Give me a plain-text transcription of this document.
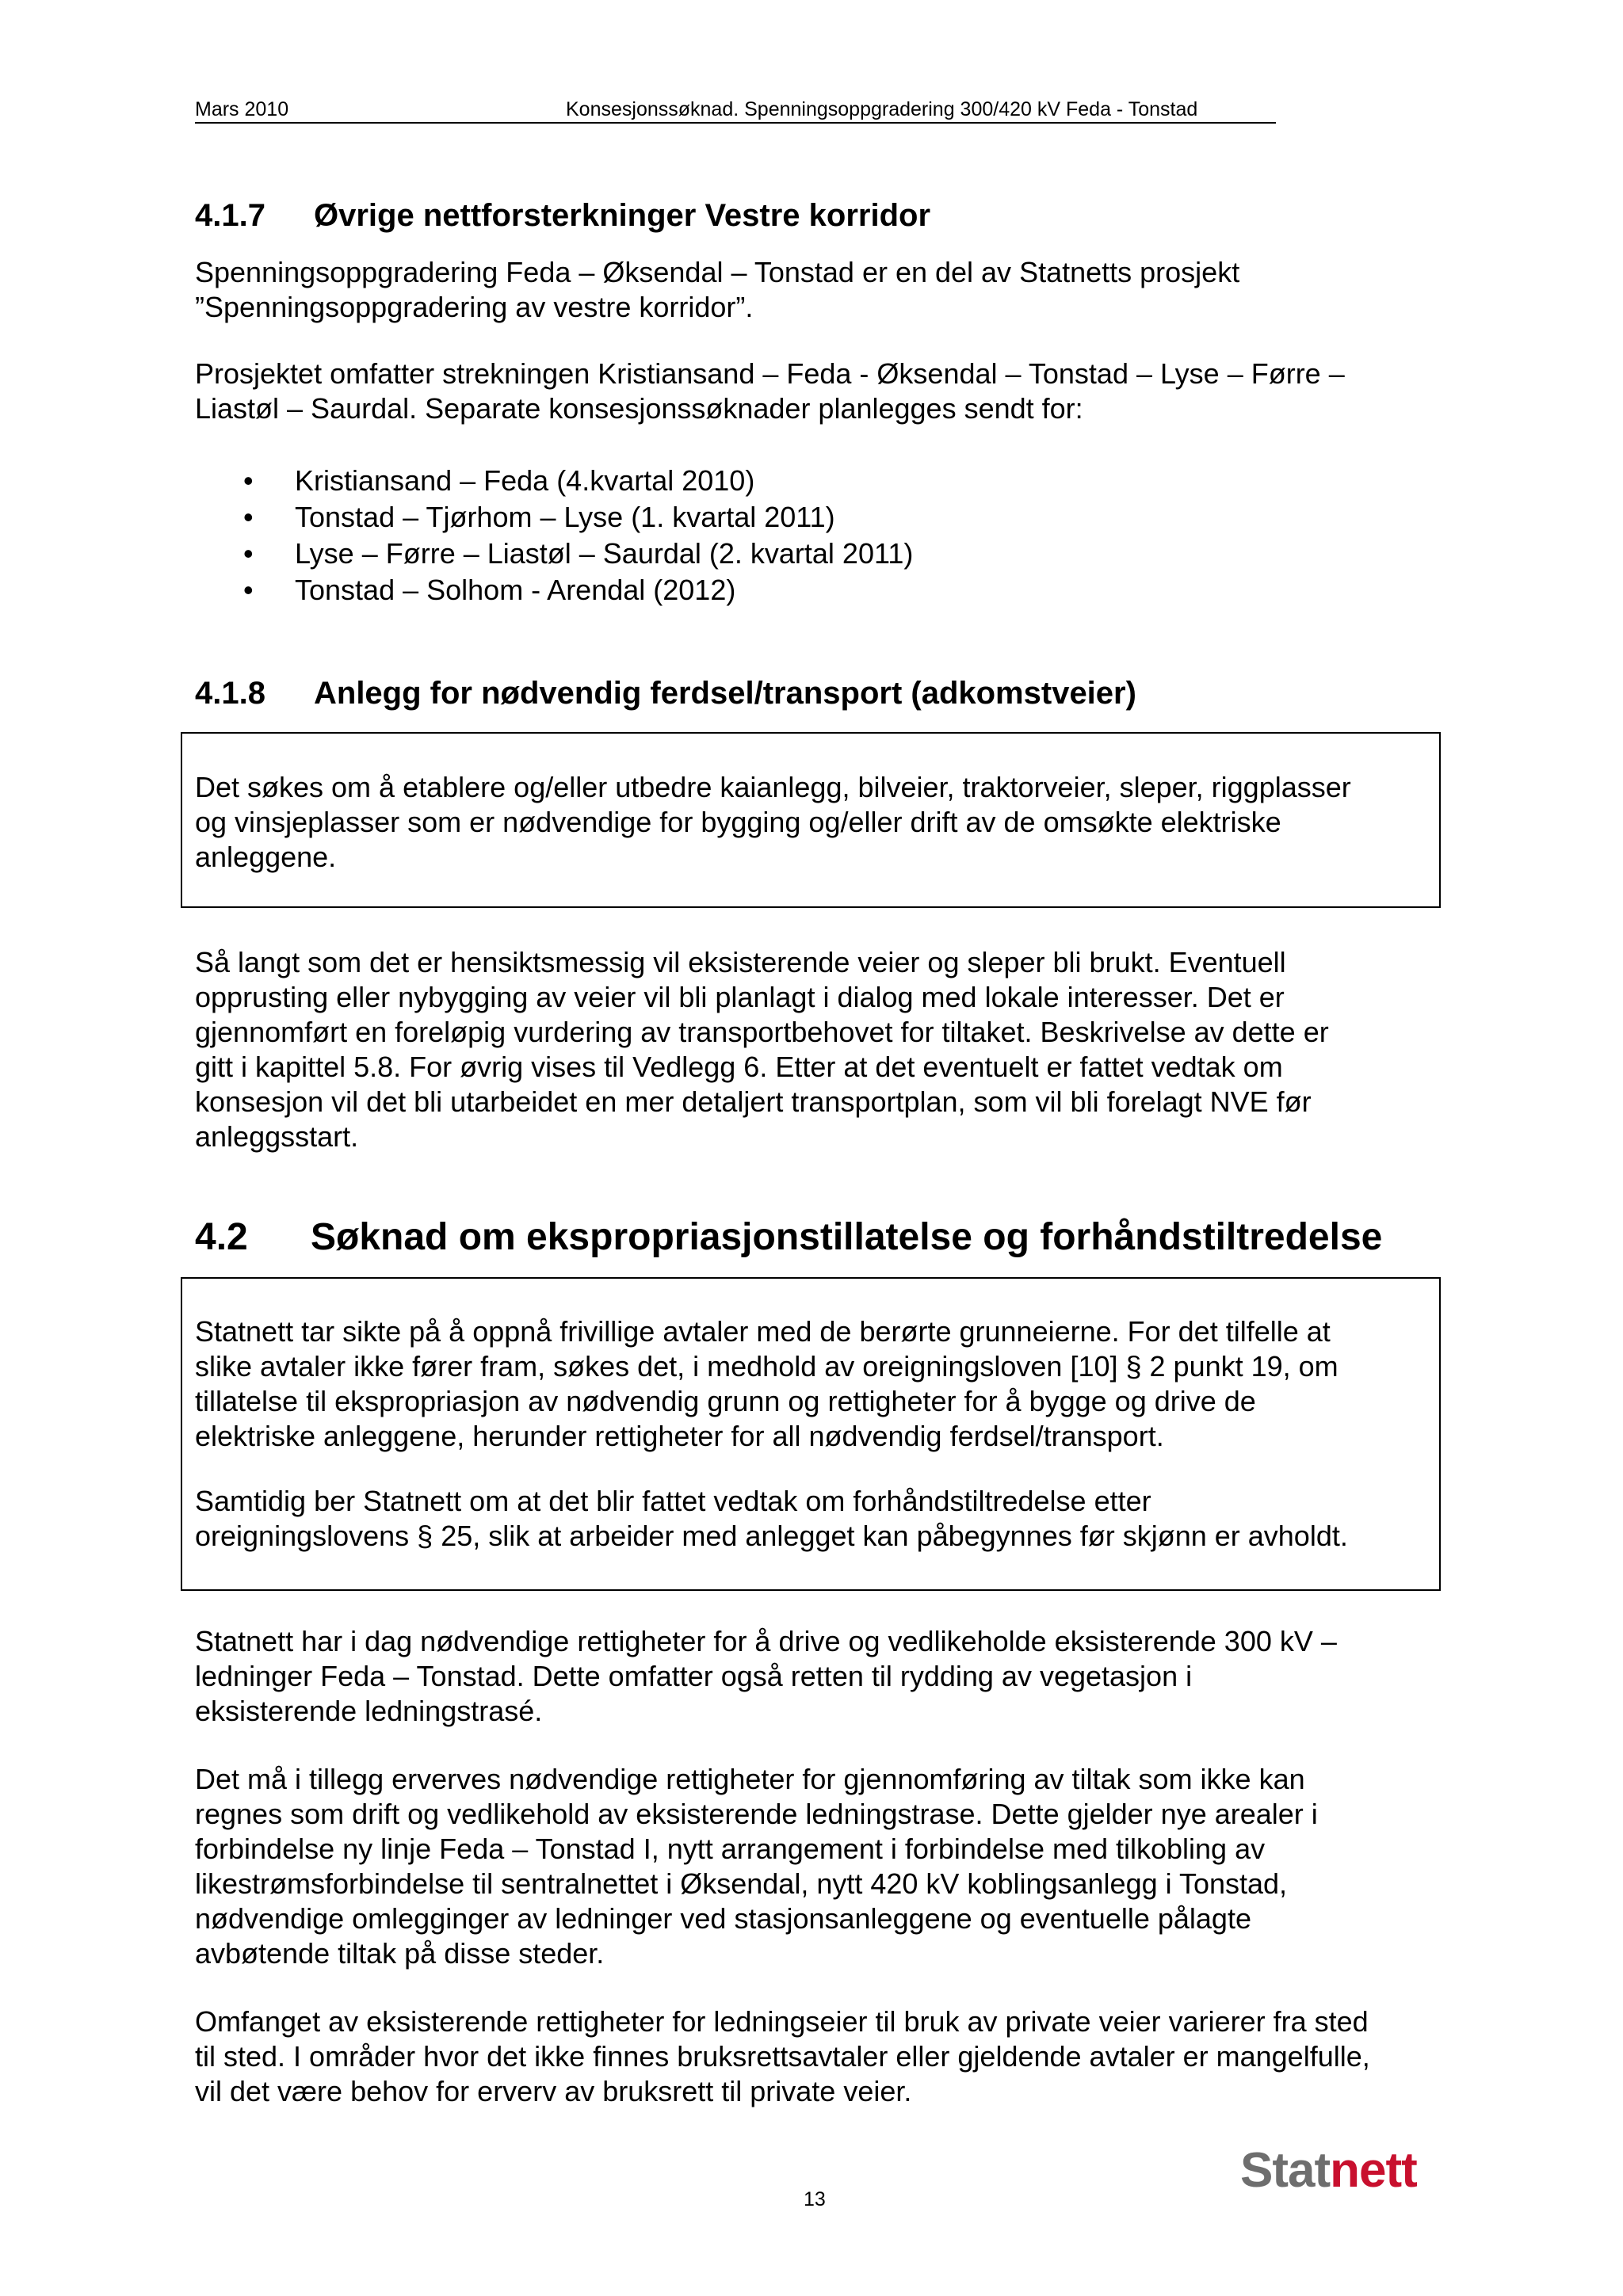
Mars 2010	Konsesjonssøknad. Spenningsoppgradering 300/420 kV Feda - Tonstad
4.1.7 Øvrige nettforsterkninger Vestre korridor
Spenningsoppgradering Feda – Øksendal – Tonstad er en del av Statnetts prosjekt
”Spenningsoppgradering av vestre korridor”.
Prosjektet omfatter strekningen Kristiansand – Feda - Øksendal – Tonstad – Lyse – Førre –
Liastøl – Saurdal. Separate konsesjonssøknader planlegges sendt for:
• Kristiansand – Feda (4.kvartal 2010)
• Tonstad – Tjørhom – Lyse (1. kvartal 2011)
• Lyse – Førre – Liastøl – Saurdal (2. kvartal 2011)
• Tonstad – Solhom - Arendal (2012)
4.1.8 Anlegg for nødvendig ferdsel/transport (adkomstveier)
Det søkes om å etablere og/eller utbedre kaianlegg, bilveier, traktorveier, sleper, riggplasser
og vinsjeplasser som er nødvendige for bygging og/eller drift av de omsøkte elektriske
anleggene.
Så langt som det er hensiktsmessig vil eksisterende veier og sleper bli brukt. Eventuell
opprusting eller nybygging av veier vil bli planlagt i dialog med lokale interesser. Det er
gjennomført en foreløpig vurdering av transportbehovet for tiltaket. Beskrivelse av dette er
gitt i kapittel 5.8. For øvrig vises til Vedlegg 6. Etter at det eventuelt er fattet vedtak om
konsesjon vil det bli utarbeidet en mer detaljert transportplan, som vil bli forelagt NVE før
anleggsstart.
4.2 Søknad om ekspropriasjonstillatelse og forhåndstiltredelse
Statnett tar sikte på å oppnå frivillige avtaler med de berørte grunneierne. For det tilfelle at
slike avtaler ikke fører fram, søkes det, i medhold av oreigningsloven [10] § 2 punkt 19, om
tillatelse til ekspropriasjon av nødvendig grunn og rettigheter for å bygge og drive de
elektriske anleggene, herunder rettigheter for all nødvendig ferdsel/transport.
Samtidig ber Statnett om at det blir fattet vedtak om forhåndstiltredelse etter
oreigningslovens § 25, slik at arbeider med anlegget kan påbegynnes før skjønn er avholdt.
Statnett har i dag nødvendige rettigheter for å drive og vedlikeholde eksisterende 300 kV –
ledninger Feda – Tonstad. Dette omfatter også retten til rydding av vegetasjon i
eksisterende ledningstrasé.
Det må i tillegg erverves nødvendige rettigheter for gjennomføring av tiltak som ikke kan
regnes som drift og vedlikehold av eksisterende ledningstrase. Dette gjelder nye arealer i
forbindelse ny linje Feda – Tonstad I, nytt arrangement i forbindelse med tilkobling av
likestrømsforbindelse til sentralnettet i Øksendal, nytt 420 kV koblingsanlegg i Tonstad,
nødvendige omlegginger av ledninger ved stasjonsanleggene og eventuelle pålagte
avbøtende tiltak på disse steder.
Omfanget av eksisterende rettigheter for ledningseier til bruk av private veier varierer fra sted
til sted. I områder hvor det ikke finnes bruksrettsavtaler eller gjeldende avtaler er mangelfulle,
vil det være behov for erverv av bruksrett til private veier.
Statnett
13
